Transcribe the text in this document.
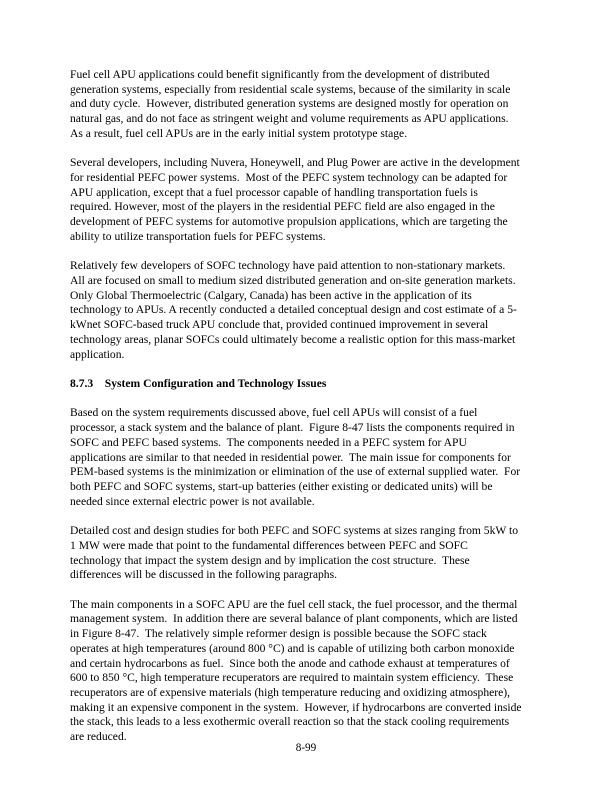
Fuel cell APU applications could benefit significantly from the development of distributed
generation systems, especially from residential scale systems, because of the similarity in scale
and duty cycle.  However, distributed generation systems are designed mostly for operation on
natural gas, and do not face as stringent weight and volume requirements as APU applications.
As a result, fuel cell APUs are in the early initial system prototype stage.

Several developers, including Nuvera, Honeywell, and Plug Power are active in the development
for residential PEFC power systems.  Most of the PEFC system technology can be adapted for
APU application, except that a fuel processor capable of handling transportation fuels is
required. However, most of the players in the residential PEFC field are also engaged in the
development of PEFC systems for automotive propulsion applications, which are targeting the
ability to utilize transportation fuels for PEFC systems.

Relatively few developers of SOFC technology have paid attention to non-stationary markets.
All are focused on small to medium sized distributed generation and on-site generation markets.
Only Global Thermoelectric (Calgary, Canada) has been active in the application of its
technology to APUs. A recently conducted a detailed conceptual design and cost estimate of a 5-
kWnet SOFC-based truck APU conclude that, provided continued improvement in several
technology areas, planar SOFCs could ultimately become a realistic option for this mass-market
application.

8.7.3 System Configuration and Technology Issues

Based on the system requirements discussed above, fuel cell APUs will consist of a fuel
processor, a stack system and the balance of plant.  Figure 8-47 lists the components required in
SOFC and PEFC based systems.  The components needed in a PEFC system for APU
applications are similar to that needed in residential power.  The main issue for components for
PEM-based systems is the minimization or elimination of the use of external supplied water.  For
both PEFC and SOFC systems, start-up batteries (either existing or dedicated units) will be
needed since external electric power is not available.

Detailed cost and design studies for both PEFC and SOFC systems at sizes ranging from 5kW to
1 MW were made that point to the fundamental differences between PEFC and SOFC
technology that impact the system design and by implication the cost structure.  These
differences will be discussed in the following paragraphs.

The main components in a SOFC APU are the fuel cell stack, the fuel processor, and the thermal
management system.  In addition there are several balance of plant components, which are listed
in Figure 8-47.  The relatively simple reformer design is possible because the SOFC stack
operates at high temperatures (around 800 °C) and is capable of utilizing both carbon monoxide
and certain hydrocarbons as fuel.  Since both the anode and cathode exhaust at temperatures of
600 to 850 °C, high temperature recuperators are required to maintain system efficiency.  These
recuperators are of expensive materials (high temperature reducing and oxidizing atmosphere),
making it an expensive component in the system.  However, if hydrocarbons are converted inside
the stack, this leads to a less exothermic overall reaction so that the stack cooling requirements
are reduced.

8-99
